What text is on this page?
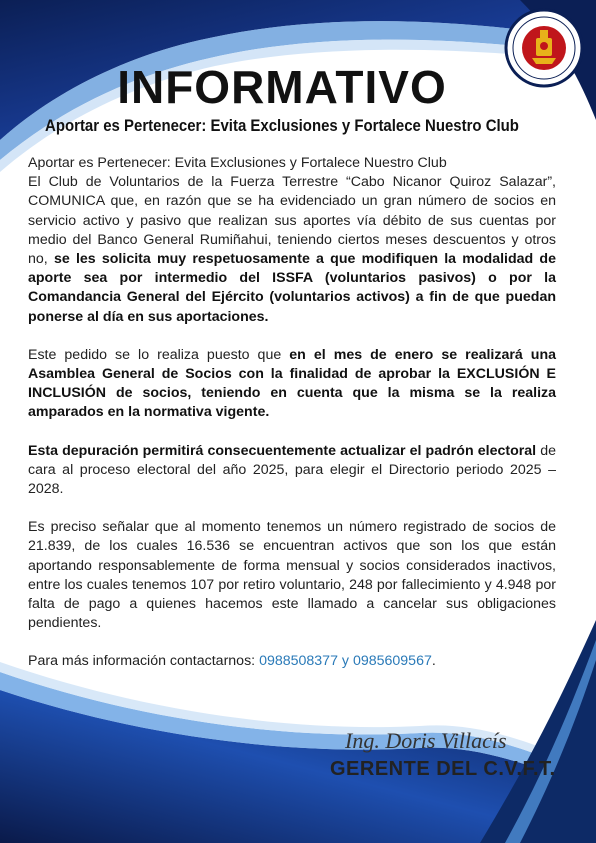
INFORMATIVO
Aportar es Pertenecer: Evita Exclusiones y Fortalece Nuestro Club

Aportar es Pertenecer: Evita Exclusiones y Fortalece Nuestro Club
El Club de Voluntarios de la Fuerza Terrestre “Cabo Nicanor Quiroz Salazar”, COMUNICA que, en razón que se ha evidenciado un gran número de socios en servicio activo y pasivo que realizan sus aportes vía débito de sus cuentas por medio del Banco General Rumiñahui, teniendo ciertos meses descuentos y otros no, se les solicita muy respetuosamente a que modifiquen la modalidad de aporte sea por intermedio del ISSFA (voluntarios pasivos) o por la Comandancia General del Ejército (voluntarios activos) a fin de que puedan ponerse al día en sus aportaciones.

Este pedido se lo realiza puesto que en el mes de enero se realizará una Asamblea General de Socios con la finalidad de aprobar la EXCLUSIÓN E INCLUSIÓN de socios, teniendo en cuenta que la misma se la realiza amparados en la normativa vigente.

Esta depuración permitirá consecuentemente actualizar el padrón electoral de cara al proceso electoral del año 2025, para elegir el Directorio periodo 2025 – 2028.

Es preciso señalar que al momento tenemos un número registrado de socios de 21.839, de los cuales 16.536 se encuentran activos que son los que están aportando responsablemente de forma mensual y socios considerados inactivos, entre los cuales tenemos 107 por retiro voluntario, 248 por fallecimiento y 4.948 por falta de pago a quienes hacemos este llamado a cancelar sus obligaciones pendientes.

Para más información contactarnos: 0988508377 y 0985609567.

Ing. Doris Villacís
GERENTE DEL C.V.F.T.
